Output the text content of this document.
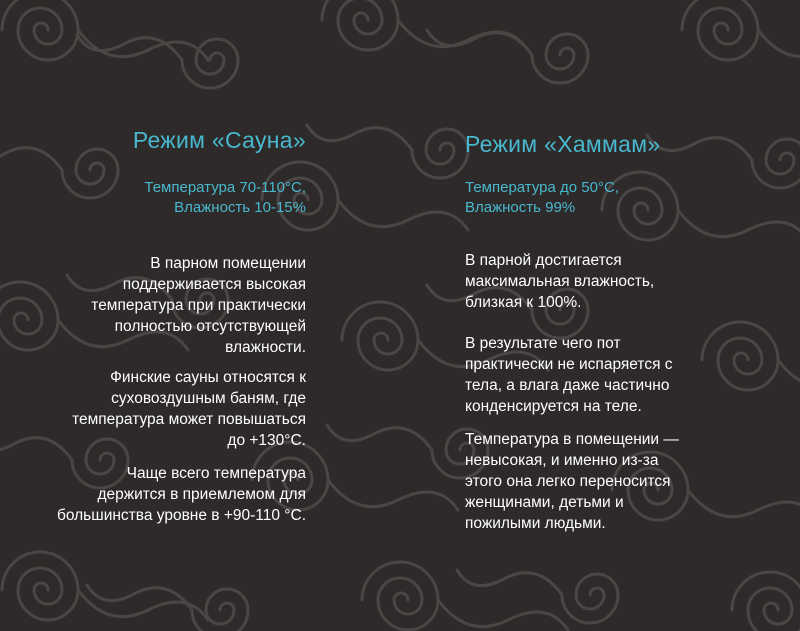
Режим «Сауна»
Температура 70-110°С,
Влажность 10-15%

В парном помещении
поддерживается высокая
температура при практически
полностью отсутствующей
влажности.

Финские сауны относятся к
суховоздушным баням, где
температура может повышаться
до +130°С.

Чаще всего температура
держится в приемлемом для
большинства уровне в +90-110 °С.

Режим «Хаммам»
Температура до 50°С,
Влажность 99%

В парной достигается
максимальная влажность,
близкая к 100%.

В результате чего пот
практически не испаряется с
тела, а влага даже частично
конденсируется на теле.

Температура в помещении —
невысокая, и именно из-за
этого она легко переносится
женщинами, детьми и
пожилыми людьми.
